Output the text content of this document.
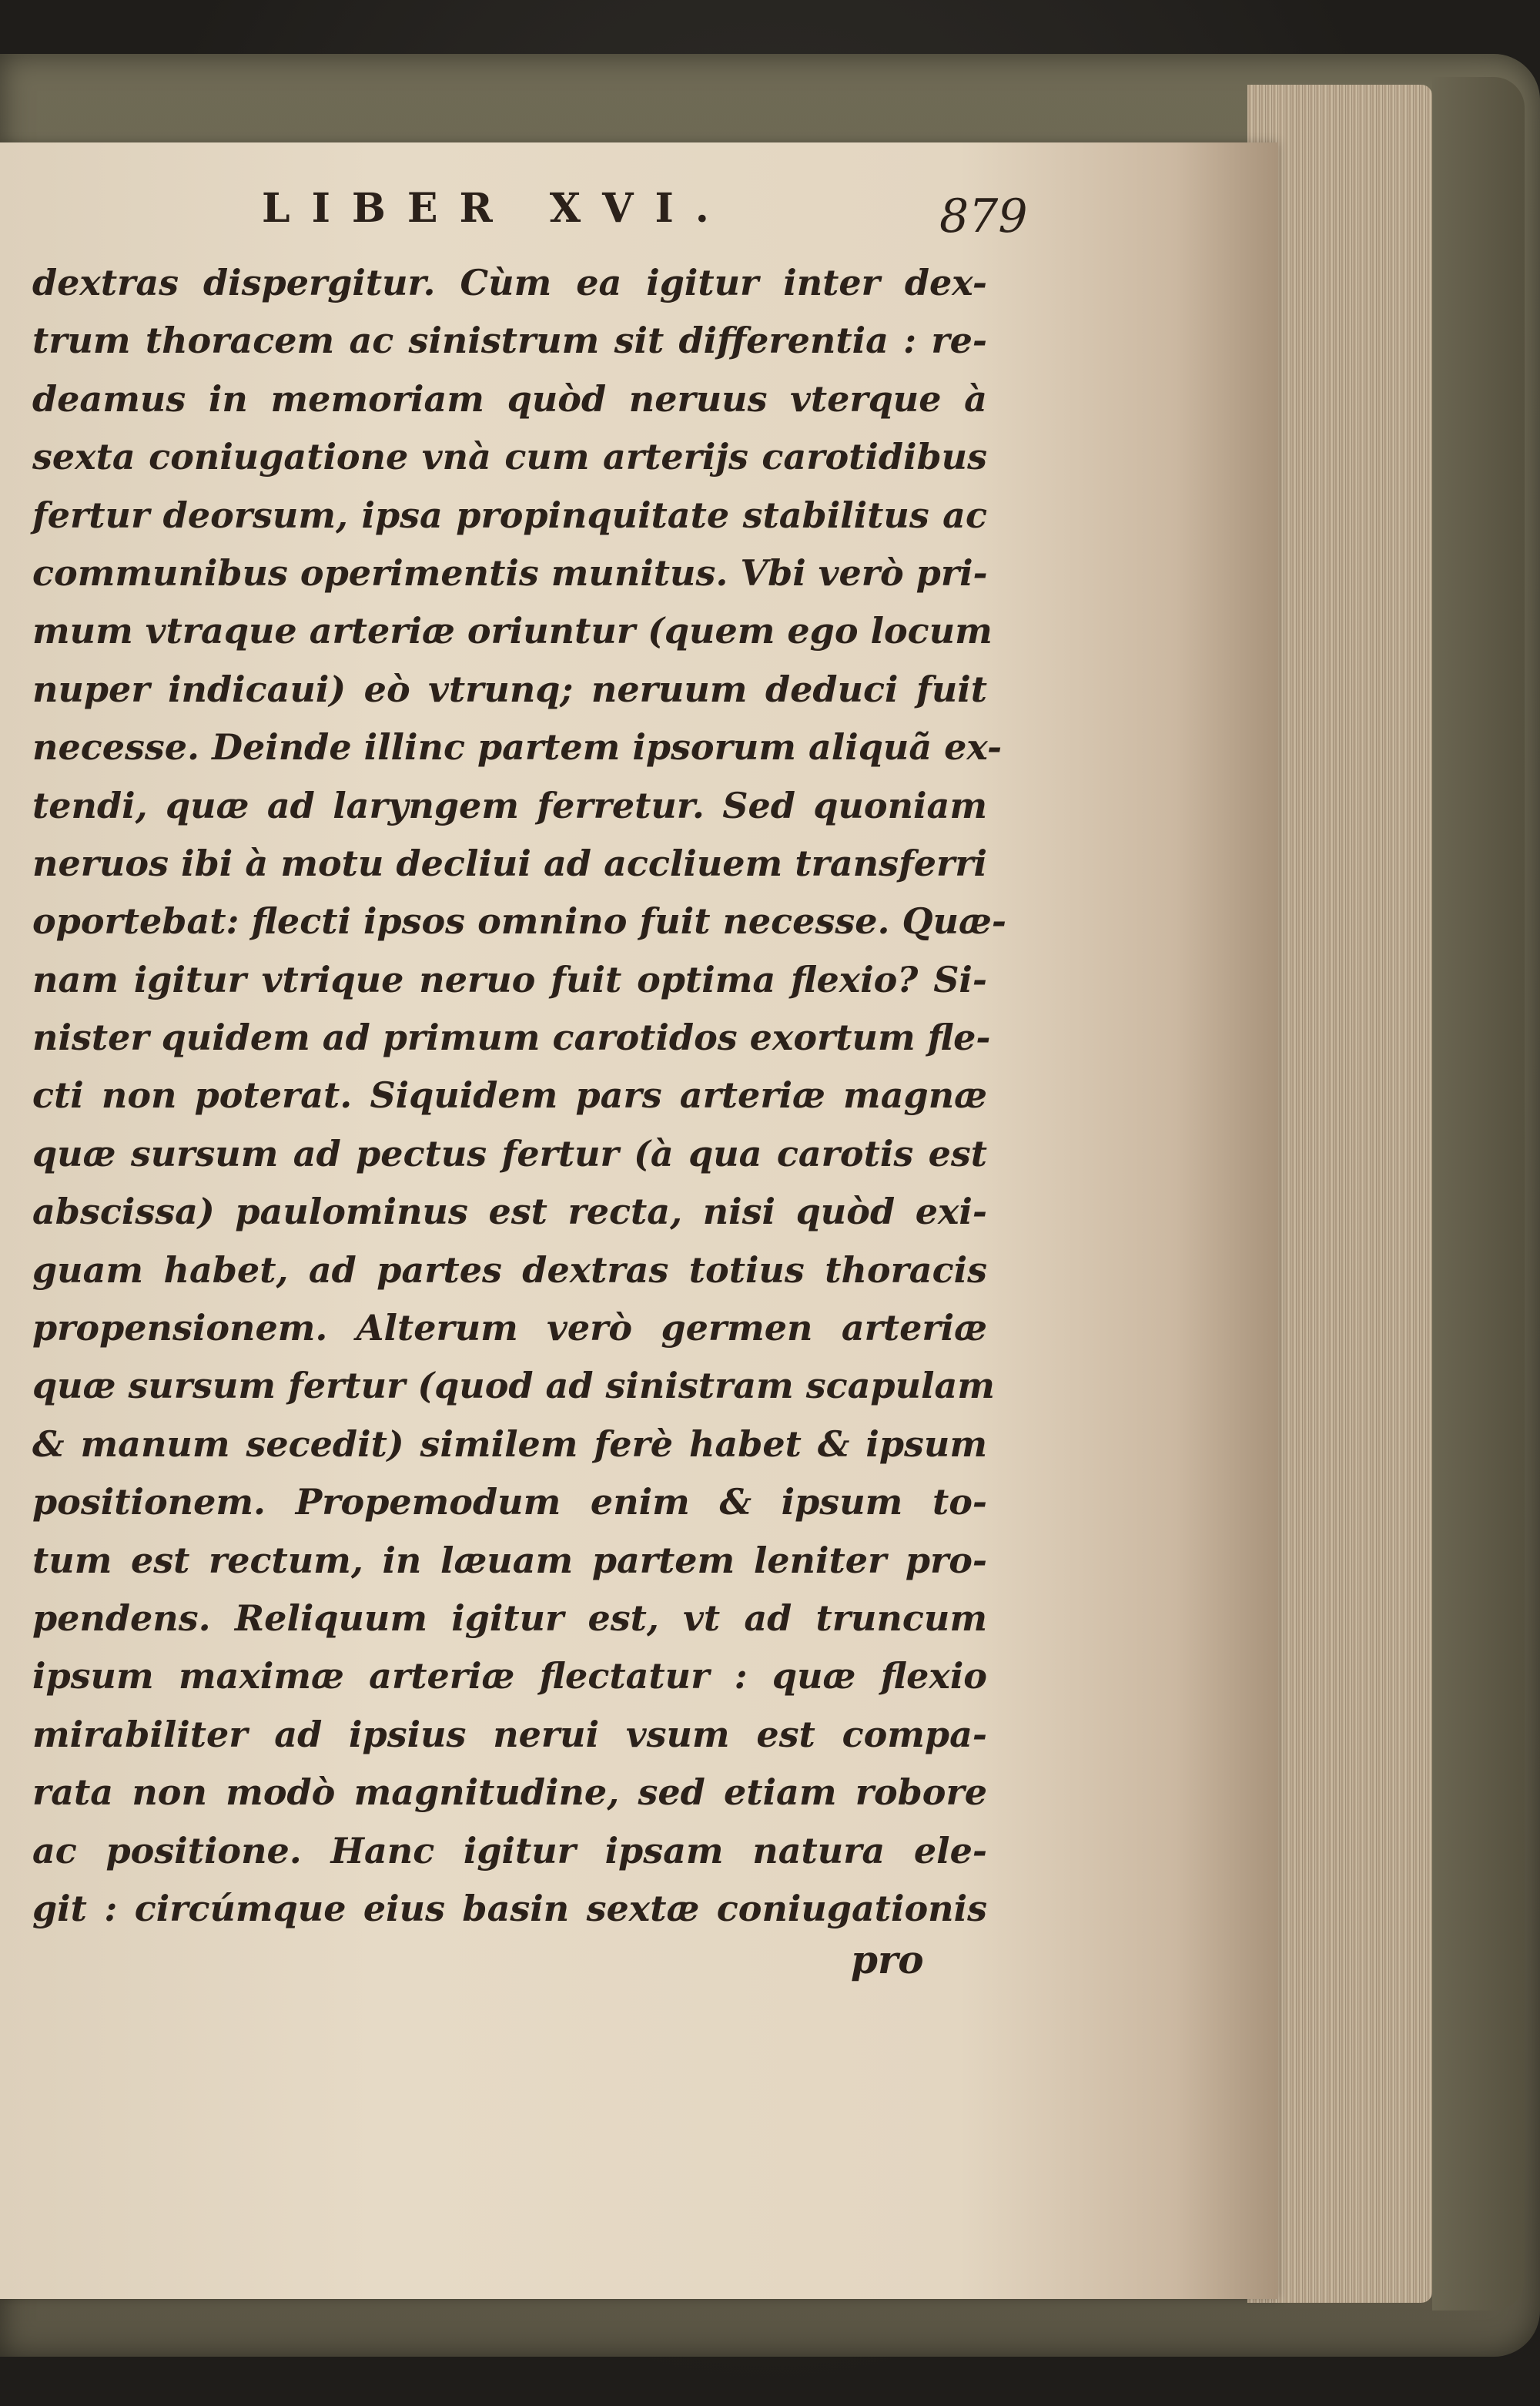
LIBER XVI.	879
dextras dispergitur. Cùm ea igitur inter dex-
trum thoracem ac sinistrum sit differentia : re-
deamus in memoriam quòd neruus vterque à
sexta coniugatione vnà cum arterijs carotidibus
fertur deorsum, ipsa propinquitate stabilitus ac
communibus operimentis munitus. Vbi verò pri-
mum vtraque arteriæ oriuntur (quem ego locum
nuper indicaui) eò vtrunq; neruum deduci fuit
necesse. Deinde illinc partem ipsorum aliquã ex-
tendi, quæ ad laryngem ferretur. Sed quoniam
neruos ibi à motu decliui ad accliuem transferri
oportebat: flecti ipsos omnino fuit necesse. Quæ-
nam igitur vtrique neruo fuit optima flexio? Si-
nister quidem ad primum carotidos exortum fle-
cti non poterat. Siquidem pars arteriæ magnæ
quæ sursum ad pectus fertur (à qua carotis est
abscissa) paulominus est recta, nisi quòd exi-
guam habet, ad partes dextras totius thoracis
propensionem. Alterum verò germen arteriæ
quæ sursum fertur (quod ad sinistram scapulam
& manum secedit) similem ferè habet & ipsum
positionem. Propemodum enim & ipsum to-
tum est rectum, in læuam partem leniter pro-
pendens. Reliquum igitur est, vt ad truncum
ipsum maximæ arteriæ flectatur : quæ flexio
mirabiliter ad ipsius nerui vsum est compa-
rata non modò magnitudine, sed etiam robore
ac positione. Hanc igitur ipsam natura ele-
git : circúmque eius basin sextæ coniugationis
pro
